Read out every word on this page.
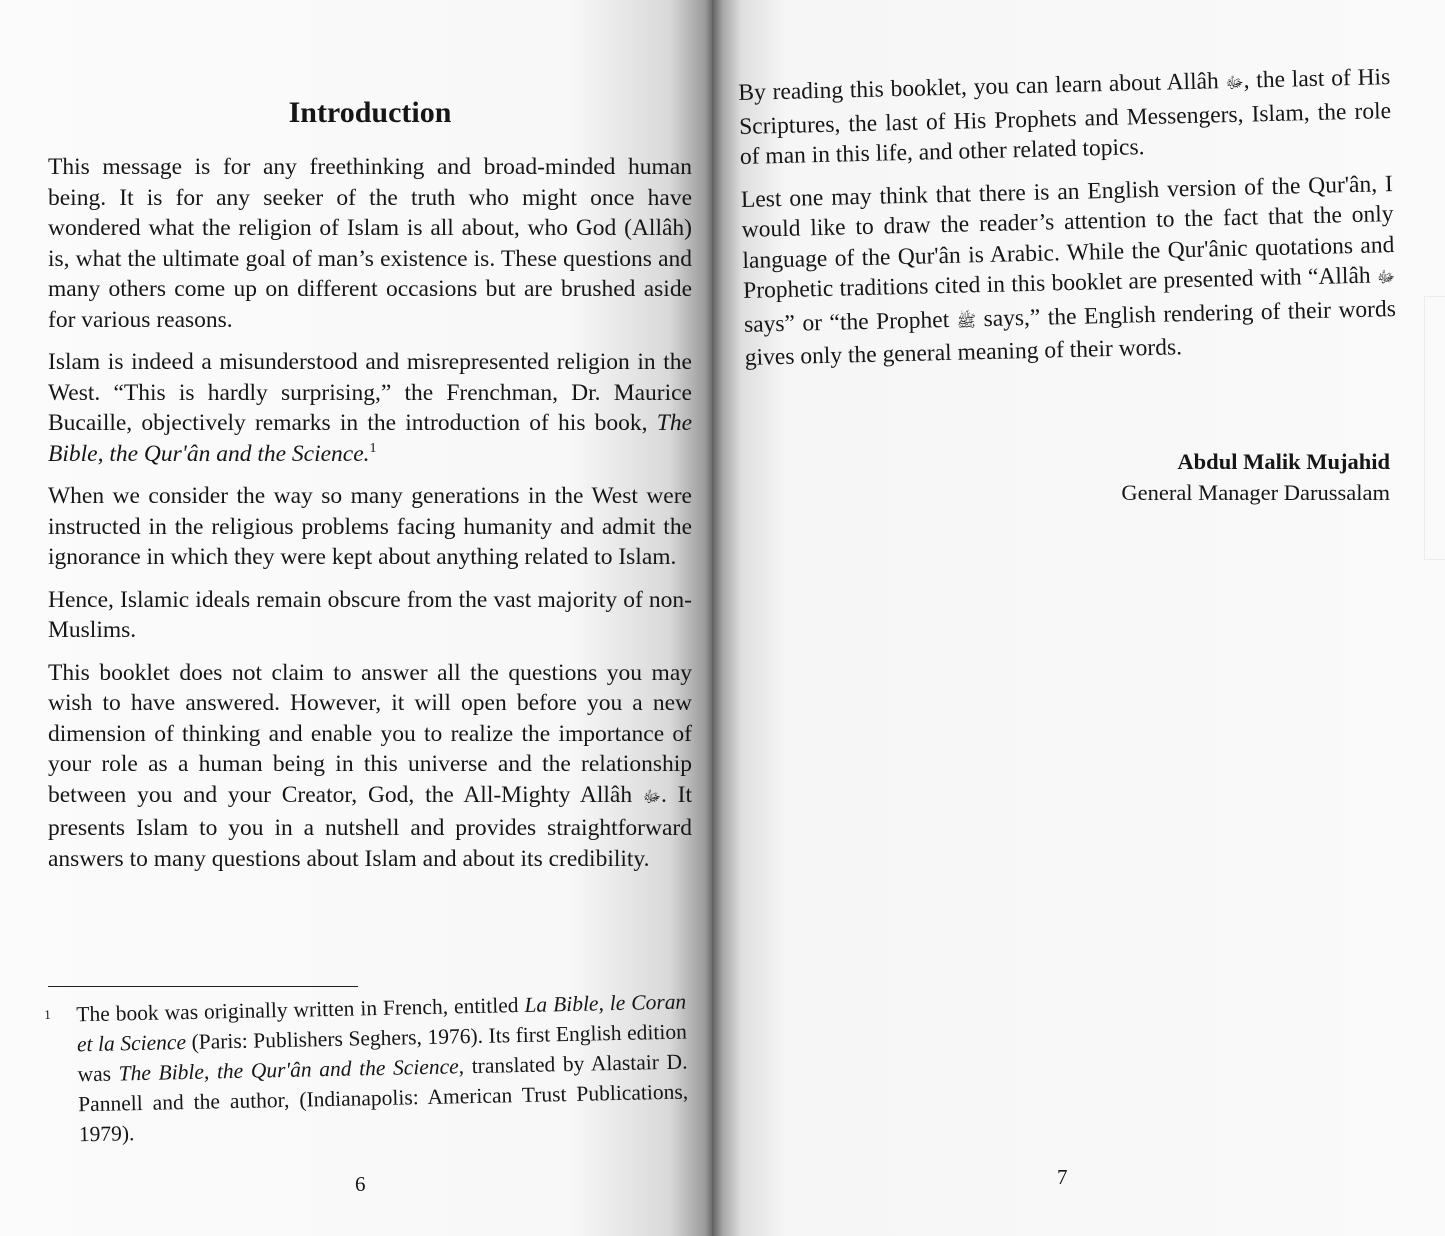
Introduction

This message is for any freethinking and broad-minded human being. It is for any seeker of the truth who might once have wondered what the religion of Islam is all about, who God (Allâh) is, what the ultimate goal of man’s existence is. These questions and many others come up on different occasions but are brushed aside for various reasons.

Islam is indeed a misunderstood and misrepresented religion in the West. “This is hardly surprising,” the Frenchman, Dr. Maurice Bucaille, objectively remarks in the introduction of his book, The Bible, the Qur'ân and the Science.$^1$

When we consider the way so many generations in the West were instructed in the religious problems facing humanity and admit the ignorance in which they were kept about anything related to Islam.

Hence, Islamic ideals remain obscure from the vast majority of non-Muslims.

This booklet does not claim to answer all the questions you may wish to have answered. However, it will open before you a new dimension of thinking and enable you to realize the importance of your role as a human being in this universe and the relationship between you and your Creator, God, the All-Mighty Allâh ﷻ. It presents Islam to you in a nutshell and provides straightforward answers to many questions about Islam and about its credibility.

1 The book was originally written in French, entitled La Bible, le Coran et la Science (Paris: Publishers Seghers, 1976). Its first English edition was The Bible, the Qur'ân and the Science, translated by Alastair D. Pannell and the author, (Indianapolis: American Trust Publications, 1979).
6

By reading this booklet, you can learn about Allâh ﷻ, the last of His Scriptures, the last of His Prophets and Messengers, Islam, the role of man in this life, and other related topics.

Lest one may think that there is an English version of the Qur'ân, I would like to draw the reader’s attention to the fact that the only language of the Qur'ân is Arabic. While the Qur'ânic quotations and Prophetic traditions cited in this booklet are presented with “Allâh ﷻ says” or “the Prophet ﷺ says,” the English rendering of their words gives only the general meaning of their words.

Abdul Malik Mujahid
General Manager Darussalam
7
